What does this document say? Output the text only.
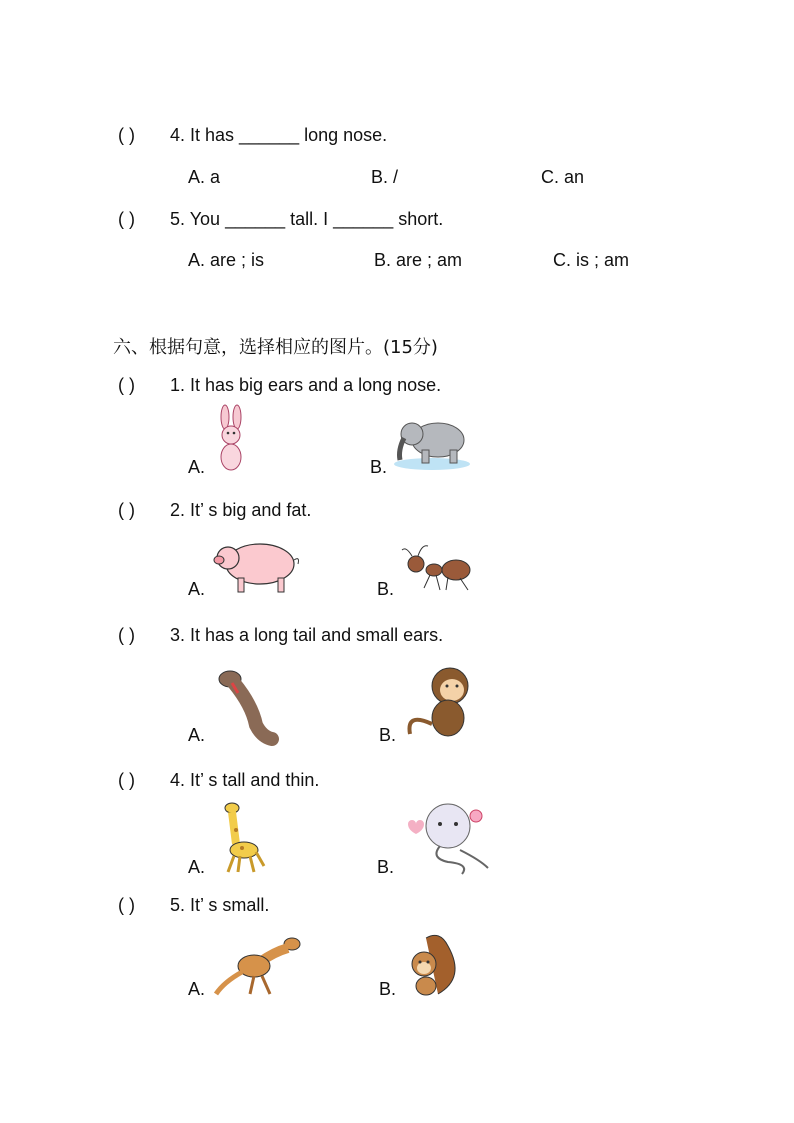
( ) 4. It has ______ long nose.
A. a	B. /	C. an
( ) 5. You ______ tall. I ______ short.
A. are ; is	B. are ; am	C. is ; am
六、根据句意，选择相应的图片。(15分)
( ) 1. It has big ears and a long nose.
A.	B.
( ) 2. It’ s big and fat.
A.	B.
( ) 3. It has a long tail and small ears.
A.	B.
( ) 4. It’ s tall and thin.
A.	B.
( ) 5. It’ s small.
A.	B.
